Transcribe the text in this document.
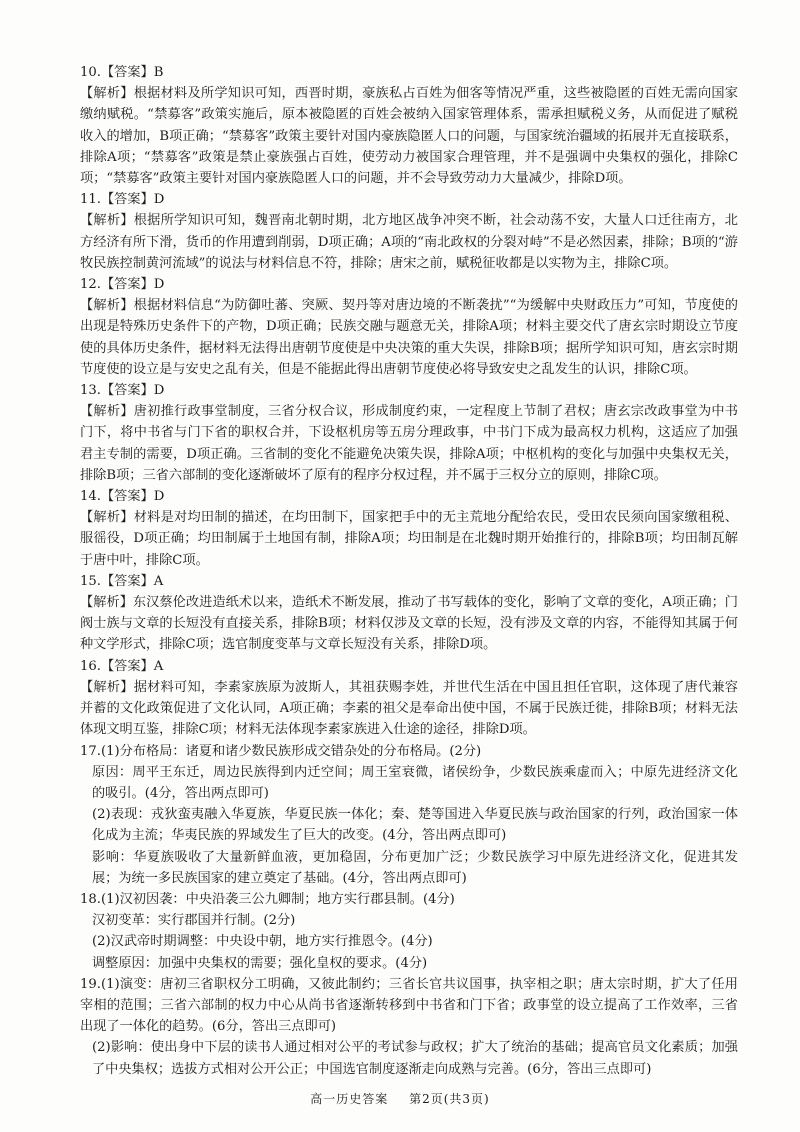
10.【答案】B

【解析】根据材料及所学知识可知，西晋时期，豪族私占百姓为佃客等情况严重，这些被隐匿的百姓无需向国家缴纳赋税。“禁募客”政策实施后，原本被隐匿的百姓会被纳入国家管理体系，需承担赋税义务，从而促进了赋税收入的增加，B项正确；“禁募客”政策主要针对国内豪族隐匿人口的问题，与国家统治疆域的拓展并无直接联系，排除A项；“禁募客”政策是禁止豪族强占百姓，使劳动力被国家合理管理，并不是强调中央集权的强化，排除C项；“禁募客”政策主要针对国内豪族隐匿人口的问题，并不会导致劳动力大量减少，排除D项。

11.【答案】D

【解析】根据所学知识可知，魏晋南北朝时期，北方地区战争冲突不断，社会动荡不安，大量人口迁往南方，北方经济有所下滑，货币的作用遭到削弱，D项正确；A项的“南北政权的分裂对峙”不是必然因素，排除；B项的“游牧民族控制黄河流域”的说法与材料信息不符，排除；唐宋之前，赋税征收都是以实物为主，排除C项。

12.【答案】D

【解析】根据材料信息“为防御吐蕃、突厥、契丹等对唐边境的不断袭扰”“为缓解中央财政压力”可知，节度使的出现是特殊历史条件下的产物，D项正确；民族交融与题意无关，排除A项；材料主要交代了唐玄宗时期设立节度使的具体历史条件，据材料无法得出唐朝节度使是中央决策的重大失误，排除B项；据所学知识可知，唐玄宗时期节度使的设立是与安史之乱有关，但是不能据此得出唐朝节度使必将导致安史之乱发生的认识，排除C项。

13.【答案】D

【解析】唐初推行政事堂制度，三省分权合议，形成制度约束，一定程度上节制了君权；唐玄宗改政事堂为中书门下，将中书省与门下省的职权合并，下设枢机房等五房分理政事，中书门下成为最高权力机构，这适应了加强君主专制的需要，D项正确。三省制的变化不能避免决策失误，排除A项；中枢机构的变化与加强中央集权无关，排除B项；三省六部制的变化逐渐破坏了原有的程序分权过程，并不属于三权分立的原则，排除C项。

14.【答案】D

【解析】材料是对均田制的描述，在均田制下，国家把手中的无主荒地分配给农民，受田农民须向国家缴租税、服徭役，D项正确；均田制属于土地国有制，排除A项；均田制是在北魏时期开始推行的，排除B项；均田制瓦解于唐中叶，排除C项。

15.【答案】A

【解析】东汉蔡伦改进造纸术以来，造纸术不断发展，推动了书写载体的变化，影响了文章的变化，A项正确；门阀士族与文章的长短没有直接关系，排除B项；材料仅涉及文章的长短，没有涉及文章的内容，不能得知其属于何种文学形式，排除C项；选官制度变革与文章长短没有关系，排除D项。

16.【答案】A

【解析】据材料可知，李素家族原为波斯人，其祖获赐李姓，并世代生活在中国且担任官职，这体现了唐代兼容并蓄的文化政策促进了文化认同，A项正确；李素的祖父是奉命出使中国，不属于民族迁徙，排除B项；材料无法体现文明互鉴，排除C项；材料无法体现李素家族进入仕途的途径，排除D项。

17.(1)分布格局：诸夏和诸少数民族形成交错杂处的分布格局。(2分)

原因：周平王东迁，周边民族得到内迁空间；周王室衰微，诸侯纷争，少数民族乘虚而入；中原先进经济文化的吸引。(4分，答出两点即可)

(2)表现：戎狄蛮夷融入华夏族，华夏民族一体化；秦、楚等国进入华夏民族与政治国家的行列，政治国家一体化成为主流；华夷民族的界域发生了巨大的改变。(4分，答出两点即可)

影响：华夏族吸收了大量新鲜血液，更加稳固，分布更加广泛；少数民族学习中原先进经济文化，促进其发展；为统一多民族国家的建立奠定了基础。(4分，答出两点即可)

18.(1)汉初因袭：中央沿袭三公九卿制；地方实行郡县制。(4分)

汉初变革：实行郡国并行制。(2分)

(2)汉武帝时期调整：中央设中朝，地方实行推恩令。(4分)

调整原因：加强中央集权的需要；强化皇权的要求。(4分)

19.(1)演变：唐初三省职权分工明确，又彼此制约；三省长官共议国事，执宰相之职；唐太宗时期，扩大了任用宰相的范围；三省六部制的权力中心从尚书省逐渐转移到中书省和门下省；政事堂的设立提高了工作效率，三省出现了一体化的趋势。(6分，答出三点即可)

(2)影响：使出身中下层的读书人通过相对公平的考试参与政权；扩大了统治的基础；提高官员文化素质；加强了中央集权；选拔方式相对公开公正；中国选官制度逐渐走向成熟与完善。(6分，答出三点即可)

高一历史答案 第2页(共3页)
